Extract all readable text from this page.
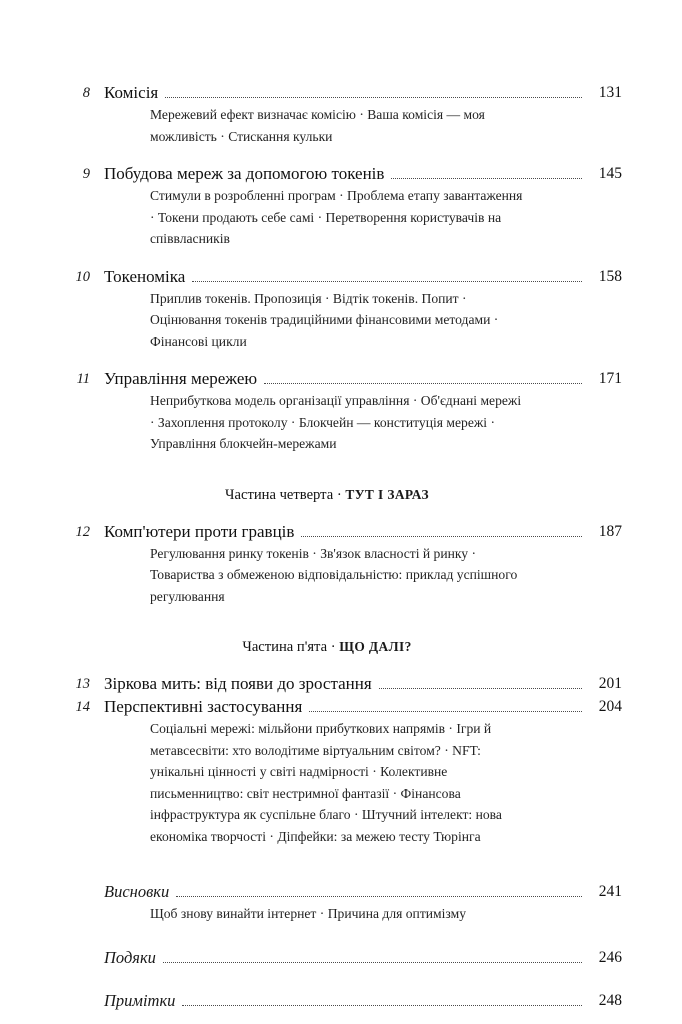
8 Комісія	131
Мережевий ефект визначає комісію · Ваша комісія — моя можливість · Стискання кульки
9 Побудова мереж за допомогою токенів	145
Стимули в розробленні програм · Проблема етапу завантаження · Токени продають себе самі · Перетворення користувачів на співвласників
10 Токеноміка	158
Приплив токенів. Пропозиція · Відтік токенів. Попит · Оцінювання токенів традиційними фінансовими методами · Фінансові цикли
11 Управління мережею	171
Неприбуткова модель організації управління · Об'єднані мережі · Захоплення протоколу · Блокчейн — конституція мережі · Управління блокчейн-мережами
Частина четверта · ТУТ І ЗАРАЗ
12 Комп'ютери проти гравців	187
Регулювання ринку токенів · Зв'язок власності й ринку · Товариства з обмеженою відповідальністю: приклад успішного регулювання
Частина п'ята · ЩО ДАЛІ?
13 Зіркова мить: від появи до зростання	201
14 Перспективні застосування	204
Соціальні мережі: мільйони прибуткових напрямів · Ігри й метавсесвіти: хто володітиме віртуальним світом? · NFT: унікальні цінності у світі надмірності · Колективне письменництво: світ нестримної фантазії · Фінансова інфраструктура як суспільне благо · Штучний інтелект: нова економіка творчості · Діпфейки: за межею тесту Тюрінга
Висновки	241
Щоб знову винайти інтернет · Причина для оптимізму
Подяки	246
Примітки	248
